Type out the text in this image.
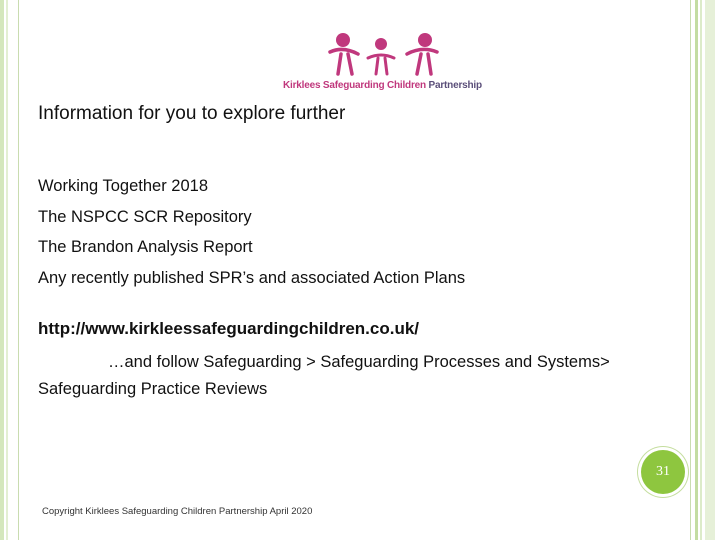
Kirklees Safeguarding Children Partnership
Information for you to explore further
Working Together 2018
The NSPCC SCR Repository
The Brandon Analysis Report
Any recently published SPR’s and associated Action Plans
http://www.kirkleessafeguardingchildren.co.uk/
…and follow Safeguarding > Safeguarding Processes and Systems>
Safeguarding Practice Reviews
31
Copyright Kirklees Safeguarding Children Partnership April 2020
